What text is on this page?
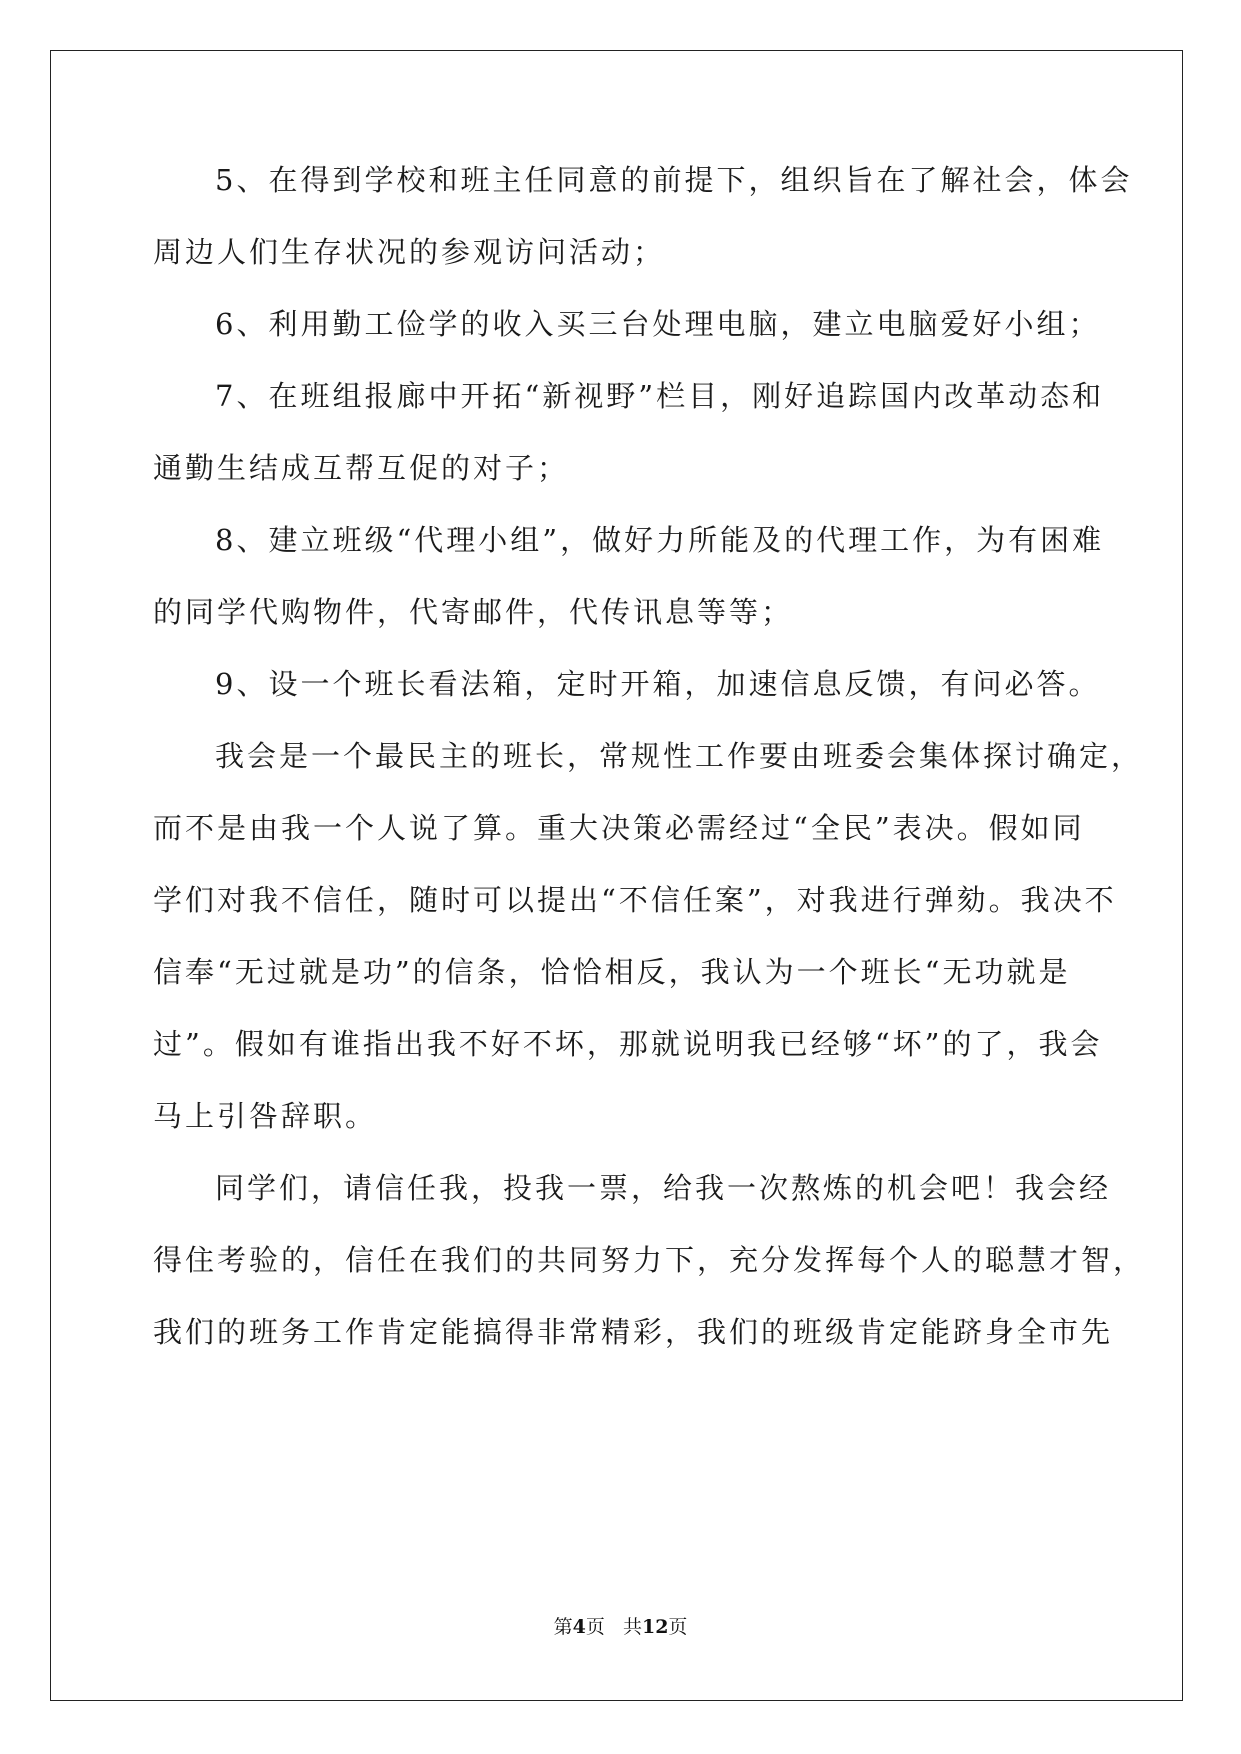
5、在得到学校和班主任同意的前提下，组织旨在了解社会，体会
周边人们生存状况的参观访问活动；
6、利用勤工俭学的收入买三台处理电脑，建立电脑爱好小组；
7、在班组报廊中开拓“新视野”栏目，刚好追踪国内改革动态和
通勤生结成互帮互促的对子；
8、建立班级“代理小组”，做好力所能及的代理工作，为有困难
的同学代购物件，代寄邮件，代传讯息等等；
9、设一个班长看法箱，定时开箱，加速信息反馈，有问必答。
我会是一个最民主的班长，常规性工作要由班委会集体探讨确定，
而不是由我一个人说了算。重大决策必需经过“全民”表决。假如同
学们对我不信任，随时可以提出“不信任案”，对我进行弹劾。我决不
信奉“无过就是功”的信条，恰恰相反，我认为一个班长“无功就是
过”。假如有谁指出我不好不坏，那就说明我已经够“坏”的了，我会
马上引咎辞职。
同学们，请信任我，投我一票，给我一次熬炼的机会吧！我会经
得住考验的，信任在我们的共同努力下，充分发挥每个人的聪慧才智，
我们的班务工作肯定能搞得非常精彩，我们的班级肯定能跻身全市先
第4页 共12页
